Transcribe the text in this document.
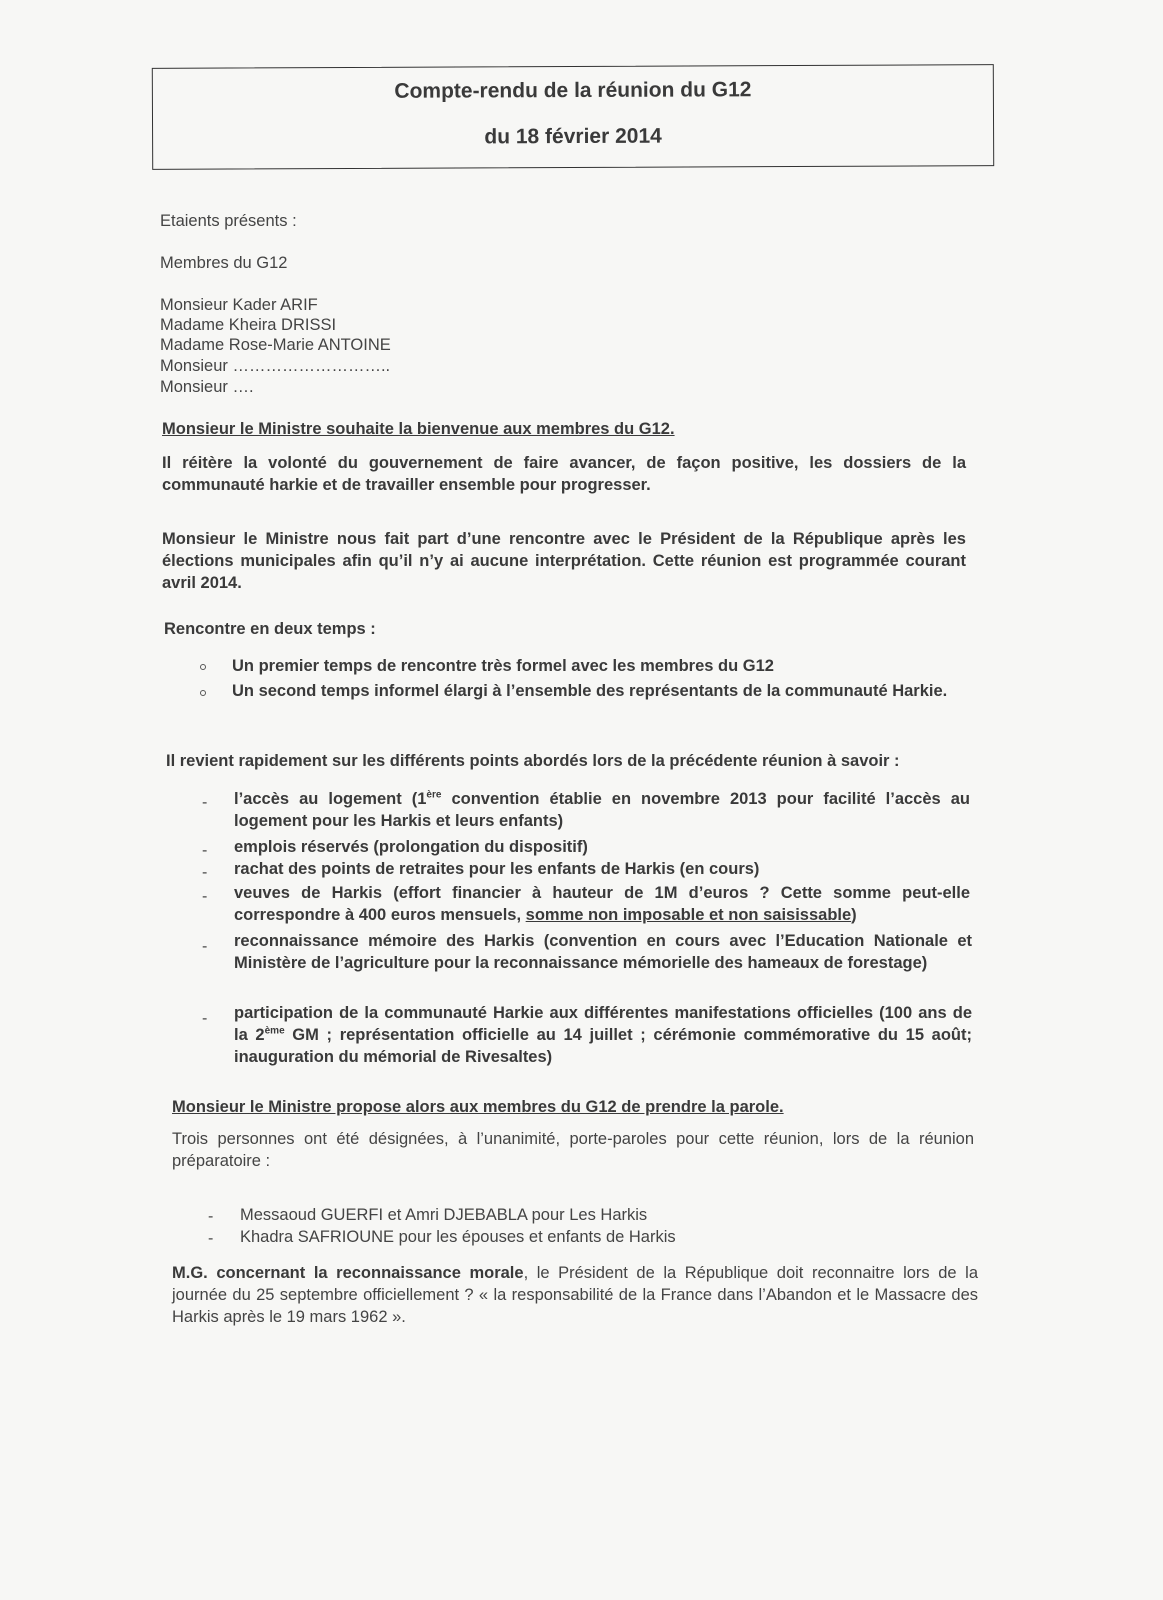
Compte-rendu de la réunion du G12
du 18 février 2014
Etaients présents :
Membres du G12
Monsieur Kader ARIF
Madame Kheira DRISSI
Madame Rose-Marie ANTOINE
Monsieur ………………………..
Monsieur ….
Monsieur le Ministre souhaite la bienvenue aux membres du G12.
Il réitère la volonté du gouvernement de faire avancer, de façon positive, les dossiers de la communauté harkie et de travailler ensemble pour progresser.
Monsieur le Ministre nous fait part d’une rencontre avec le Président de la République après les élections municipales afin qu’il n’y ai aucune interprétation. Cette réunion est programmée courant avril 2014.
Rencontre en deux temps :
Un premier temps de rencontre très formel avec les membres du G12
Un second temps informel élargi à l’ensemble des représentants de la communauté Harkie.
Il revient rapidement sur les différents points abordés lors de la précédente réunion à savoir :
- l’accès au logement (1ère convention établie en novembre 2013 pour facilité l’accès au logement pour les Harkis et leurs enfants)
- emplois réservés (prolongation du dispositif)
- rachat des points de retraites pour les enfants de Harkis (en cours)
- veuves de Harkis (effort financier à hauteur de 1M d’euros ? Cette somme peut-elle correspondre à 400 euros mensuels, somme non imposable et non saisissable)
- reconnaissance mémoire des Harkis (convention en cours avec l’Education Nationale et Ministère de l’agriculture pour la reconnaissance mémorielle des hameaux de forestage)
- participation de la communauté Harkie aux différentes manifestations officielles (100 ans de la 2ème GM ; représentation officielle au 14 juillet ; cérémonie commémorative du 15 août; inauguration du mémorial de Rivesaltes)
Monsieur le Ministre propose alors aux membres du G12 de prendre la parole.
Trois personnes ont été désignées, à l’unanimité, porte-paroles pour cette réunion, lors de la réunion préparatoire :
- Messaoud GUERFI et Amri DJEBABLA pour Les Harkis
- Khadra SAFRIOUNE pour les épouses et enfants de Harkis
M.G. concernant la reconnaissance morale, le Président de la République doit reconnaitre lors de la journée du 25 septembre officiellement ? « la responsabilité de la France dans l’Abandon et le Massacre des Harkis après le 19 mars 1962 ».
